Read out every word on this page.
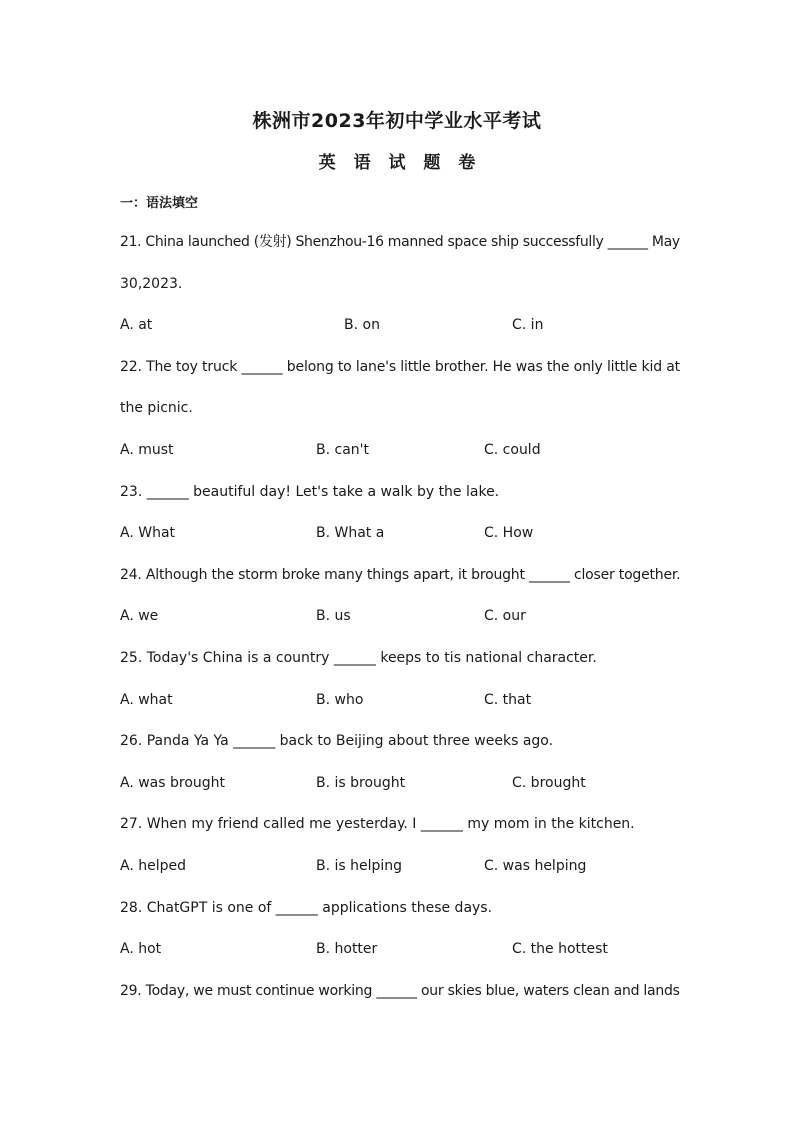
株洲市2023年初中学业水平考试
英 语 试 题 卷
一：语法填空
21. China launched (发射) Shenzhou-16 manned space ship successfully ______ May
30,2023.
A. at	B. on	C. in
22. The toy truck ______ belong to lane's little brother. He was the only little kid at
the picnic.
A. must	B. can't	C. could
23. ______ beautiful day! Let's take a walk by the lake.
A. What	B. What a	C. How
24. Although the storm broke many things apart, it brought ______ closer together.
A. we	B. us	C. our
25. Today's China is a country ______ keeps to tis national character.
A. what	B. who	C. that
26. Panda Ya Ya ______ back to Beijing about three weeks ago.
A. was brought	B. is brought	C. brought
27. When my friend called me yesterday. I ______ my mom in the kitchen.
A. helped	B. is helping	C. was helping
28. ChatGPT is one of ______ applications these days.
A. hot	B. hotter	C. the hottest
29. Today, we must continue working ______ our skies blue, waters clean and lands
